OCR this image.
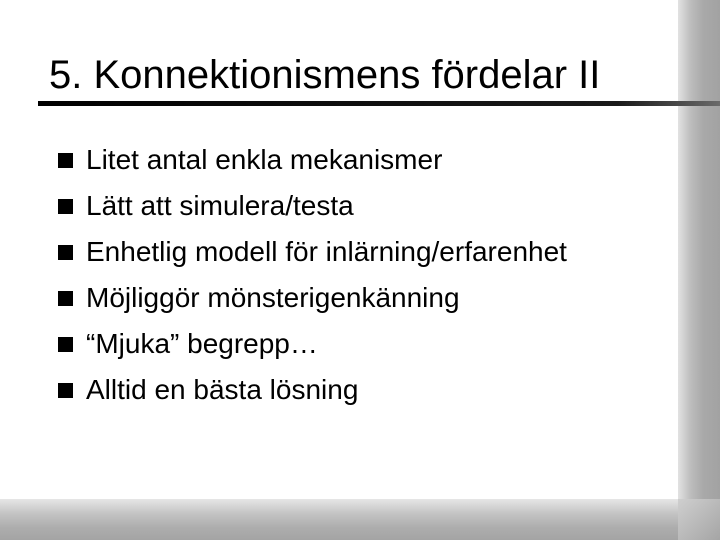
5. Konnektionismens fördelar II
Litet antal enkla mekanismer
Lätt att simulera/testa
Enhetlig modell för inlärning/erfarenhet
Möjliggör mönsterigenkänning
“Mjuka” begrepp…
Alltid en bästa lösning
